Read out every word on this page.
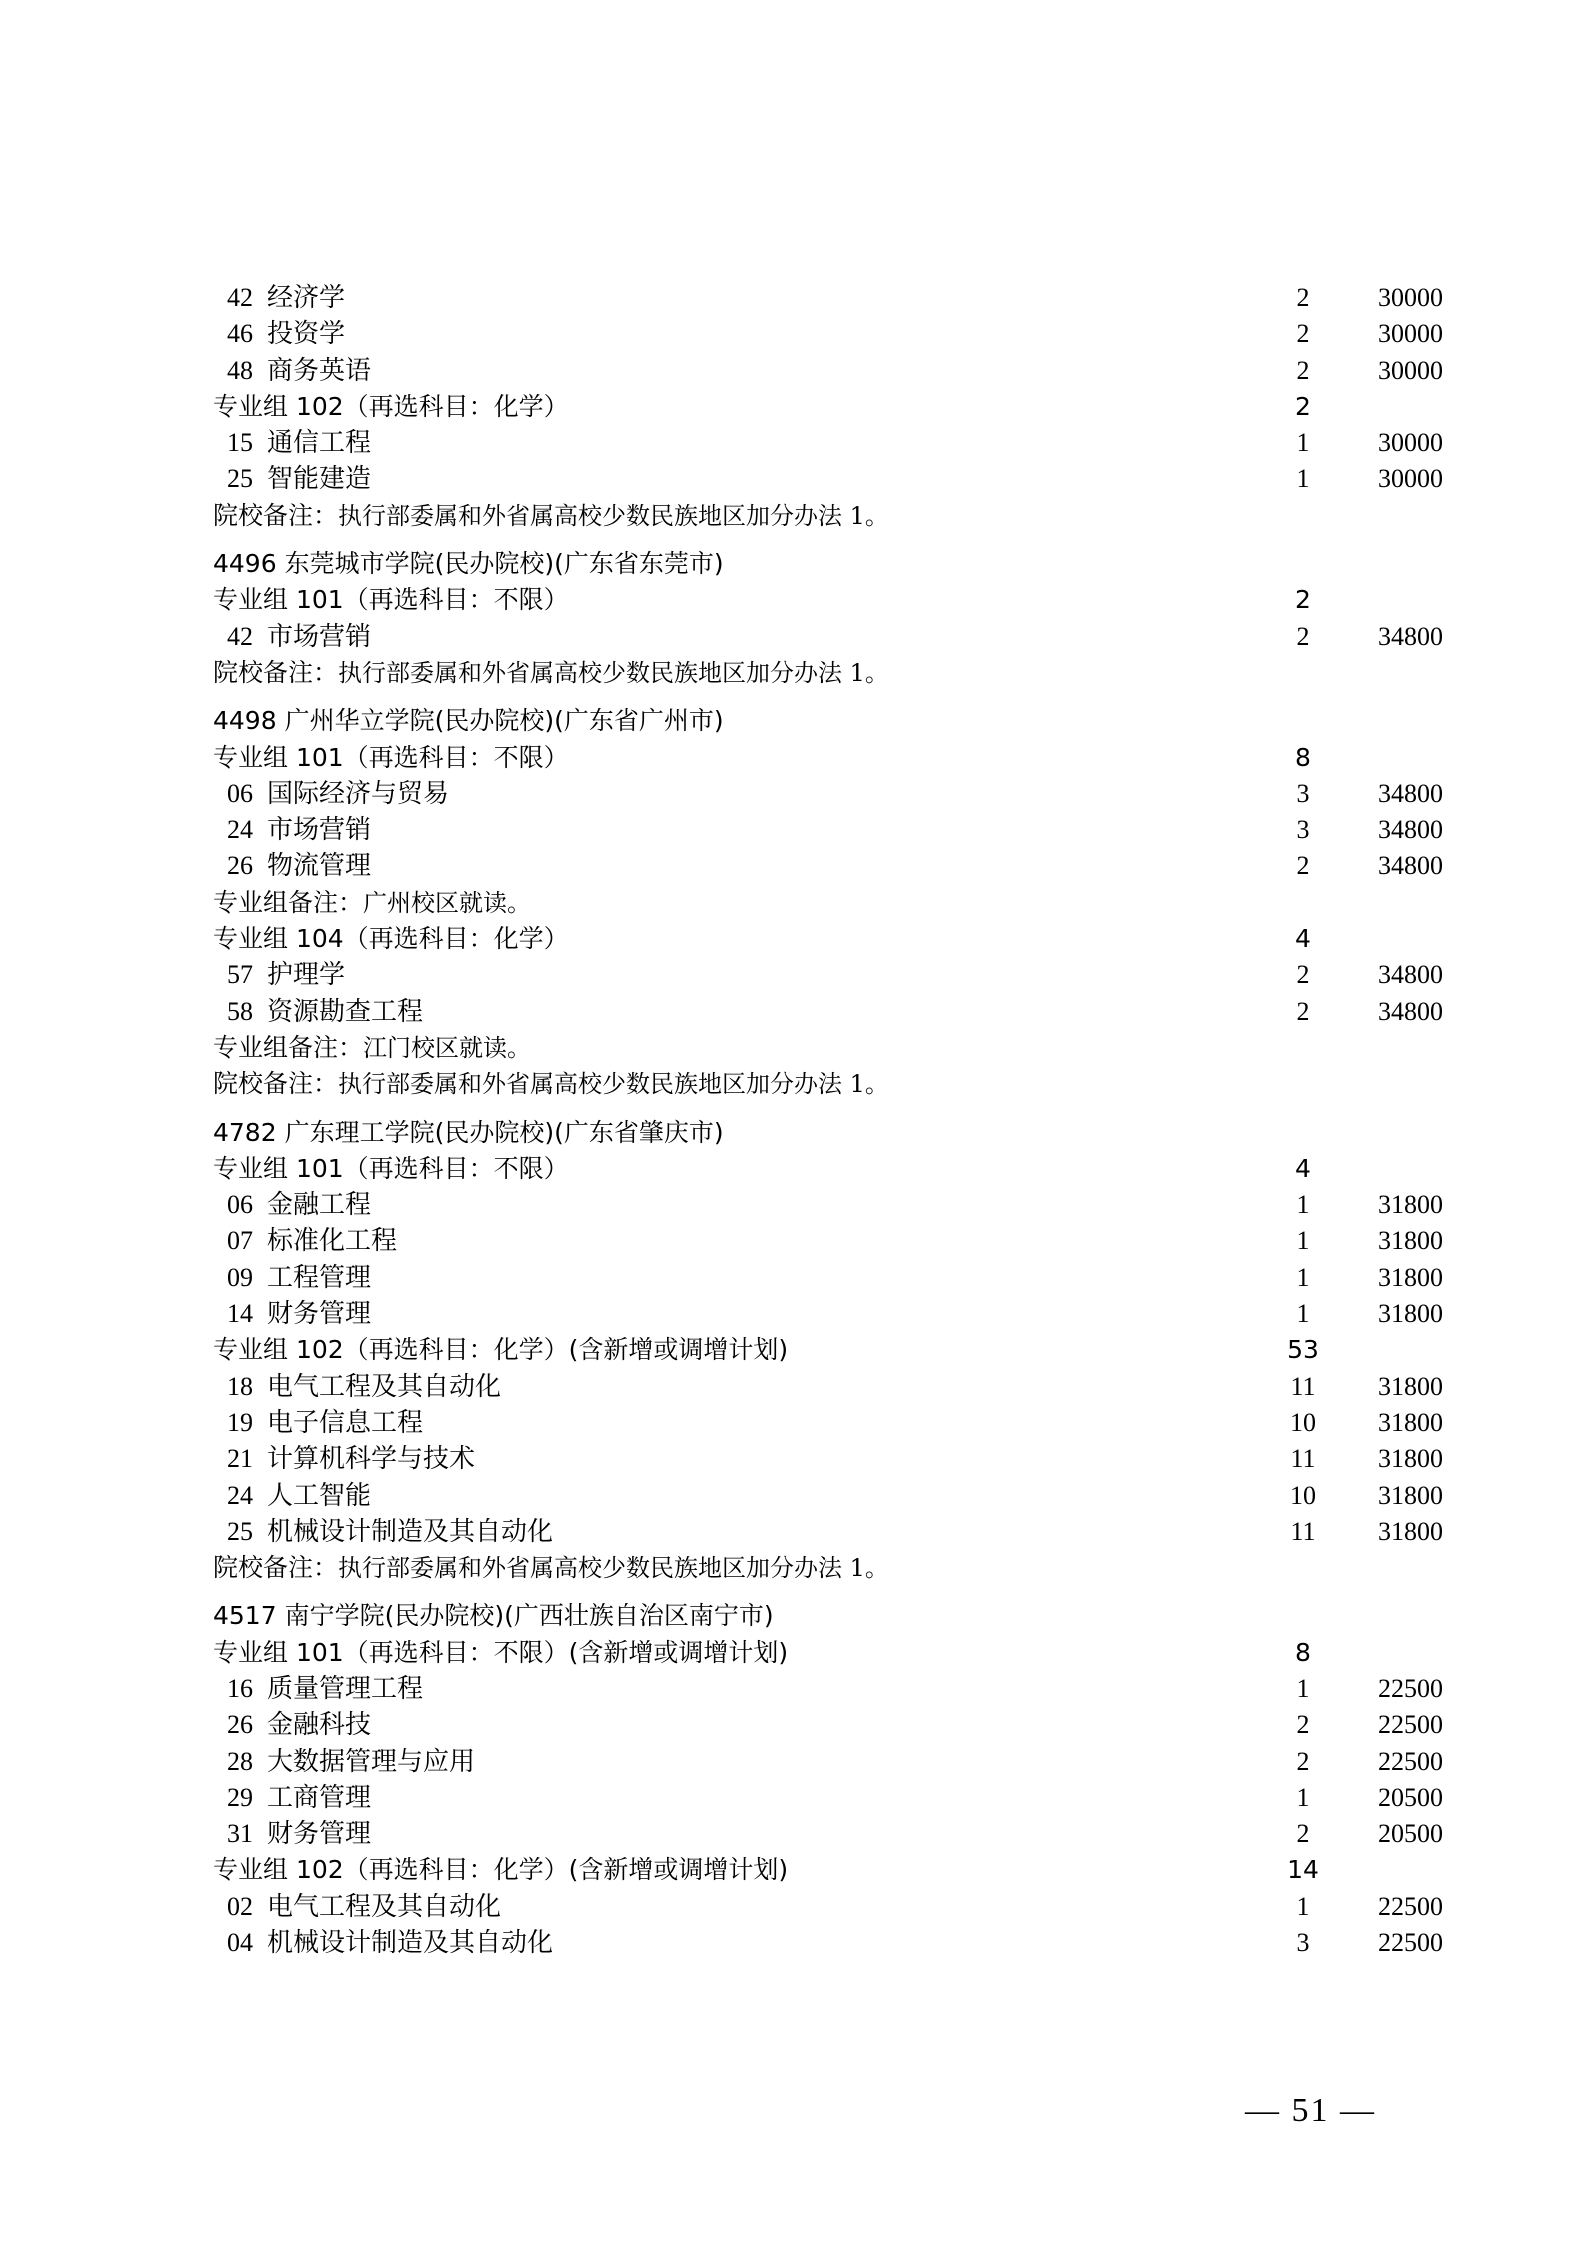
42 经济学	2	30000
46 投资学	2	30000
48 商务英语	2	30000
专业组 102（再选科目：化学）	2
15 通信工程	1	30000
25 智能建造	1	30000
院校备注：执行部委属和外省属高校少数民族地区加分办法 1。
4496 东莞城市学院(民办院校)(广东省东莞市)
专业组 101（再选科目：不限）	2
42 市场营销	2	34800
院校备注：执行部委属和外省属高校少数民族地区加分办法 1。
4498 广州华立学院(民办院校)(广东省广州市)
专业组 101（再选科目：不限）	8
06 国际经济与贸易	3	34800
24 市场营销	3	34800
26 物流管理	2	34800
专业组备注：广州校区就读。
专业组 104（再选科目：化学）	4
57 护理学	2	34800
58 资源勘查工程	2	34800
专业组备注：江门校区就读。
院校备注：执行部委属和外省属高校少数民族地区加分办法 1。
4782 广东理工学院(民办院校)(广东省肇庆市)
专业组 101（再选科目：不限）	4
06 金融工程	1	31800
07 标准化工程	1	31800
09 工程管理	1	31800
14 财务管理	1	31800
专业组 102（再选科目：化学）(含新增或调增计划)	53
18 电气工程及其自动化	11	31800
19 电子信息工程	10	31800
21 计算机科学与技术	11	31800
24 人工智能	10	31800
25 机械设计制造及其自动化	11	31800
院校备注：执行部委属和外省属高校少数民族地区加分办法 1。
4517 南宁学院(民办院校)(广西壮族自治区南宁市)
专业组 101（再选科目：不限）(含新增或调增计划)	8
16 质量管理工程	1	22500
26 金融科技	2	22500
28 大数据管理与应用	2	22500
29 工商管理	1	20500
31 财务管理	2	20500
专业组 102（再选科目：化学）(含新增或调增计划)	14
02 电气工程及其自动化	1	22500
04 机械设计制造及其自动化	3	22500
— 51 —
